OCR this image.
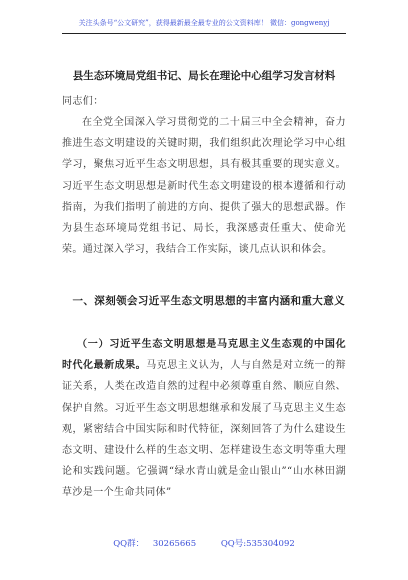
关注头条号“公文研究”，获得最新最全最专业的公文资料库！ 微信：gongwenyj
县生态环境局党组书记、局长在理论中心组学习发言材料

同志们：

在全党全国深入学习贯彻党的二十届三中全会精神，奋力推进生态文明建设的关键时期，我们组织此次理论学习中心组学习，聚焦习近平生态文明思想，具有极其重要的现实意义。习近平生态文明思想是新时代生态文明建设的根本遵循和行动指南，为我们指明了前进的方向、提供了强大的思想武器。作为县生态环境局党组书记、局长，我深感责任重大、使命光荣。通过深入学习，我结合工作实际，谈几点认识和体会。

一、深刻领会习近平生态文明思想的丰富内涵和重大意义

（一）习近平生态文明思想是马克思主义生态观的中国化时代化最新成果。马克思主义认为，人与自然是对立统一的辩证关系，人类在改造自然的过程中必须尊重自然、顺应自然、保护自然。习近平生态文明思想继承和发展了马克思主义生态观，紧密结合中国实际和时代特征，深刻回答了为什么建设生态文明、建设什么样的生态文明、怎样建设生态文明等重大理论和实践问题。它强调“绿水青山就是金山银山”“山水林田湖草沙是一个生命共同体”

QQ群： 30265665	QQ号:535304092
